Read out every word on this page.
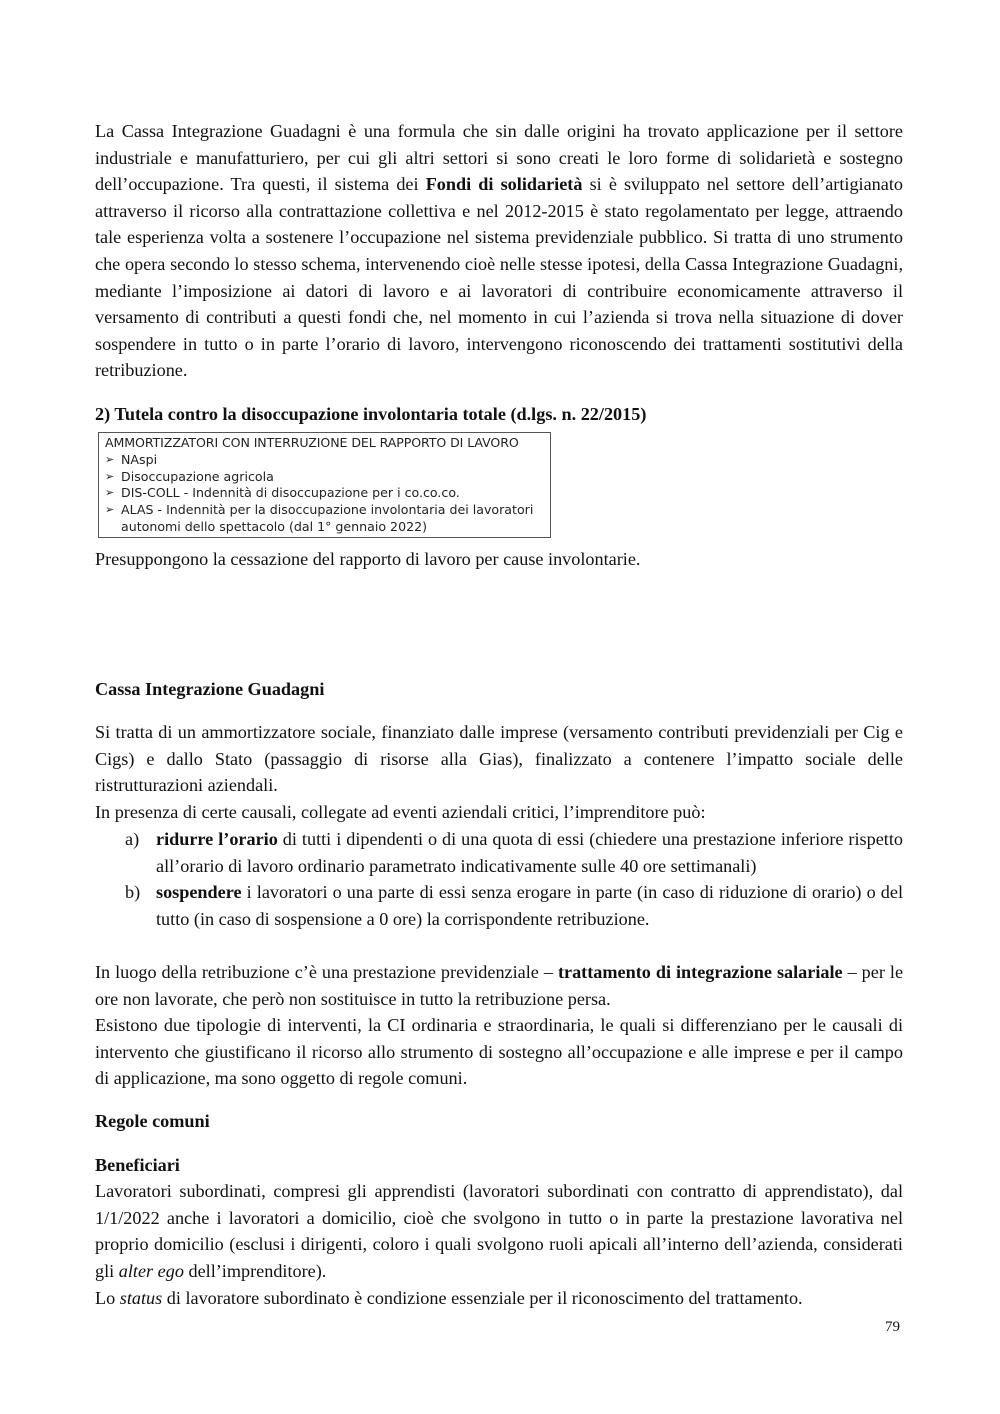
La Cassa Integrazione Guadagni è una formula che sin dalle origini ha trovato applicazione per il settore industriale e manufatturiero, per cui gli altri settori si sono creati le loro forme di solidarietà e sostegno dell’occupazione. Tra questi, il sistema dei Fondi di solidarietà si è sviluppato nel settore dell’artigianato attraverso il ricorso alla contrattazione collettiva e nel 2012-2015 è stato regolamentato per legge, attraendo tale esperienza volta a sostenere l’occupazione nel sistema previdenziale pubblico. Si tratta di uno strumento che opera secondo lo stesso schema, intervenendo cioè nelle stesse ipotesi, della Cassa Integrazione Guadagni, mediante l’imposizione ai datori di lavoro e ai lavoratori di contribuire economicamente attraverso il versamento di contributi a questi fondi che, nel momento in cui l’azienda si trova nella situazione di dover sospendere in tutto o in parte l’orario di lavoro, intervengono riconoscendo dei trattamenti sostitutivi della retribuzione.

2) Tutela contro la disoccupazione involontaria totale (d.lgs. n. 22/2015)

AMMORTIZZATORI CON INTERRUZIONE DEL RAPPORTO DI LAVORO

➢ NAspi
➢ Disoccupazione agricola
➢ DIS-COLL - Indennità di disoccupazione per i co.co.co.
➢ ALAS - Indennità per la disoccupazione involontaria dei lavoratori autonomi dello spettacolo (dal 1° gennaio 2022)

Presuppongono la cessazione del rapporto di lavoro per cause involontarie.

Cassa Integrazione Guadagni

Si tratta di un ammortizzatore sociale, finanziato dalle imprese (versamento contributi previdenziali per Cig e Cigs) e dallo Stato (passaggio di risorse alla Gias), finalizzato a contenere l’impatto sociale delle ristrutturazioni aziendali.

In presenza di certe causali, collegate ad eventi aziendali critici, l’imprenditore può:

a) ridurre l’orario di tutti i dipendenti o di una quota di essi (chiedere una prestazione inferiore rispetto all’orario di lavoro ordinario parametrato indicativamente sulle 40 ore settimanali)
b) sospendere i lavoratori o una parte di essi senza erogare in parte (in caso di riduzione di orario) o del tutto (in caso di sospensione a 0 ore) la corrispondente retribuzione.

In luogo della retribuzione c’è una prestazione previdenziale – trattamento di integrazione salariale – per le ore non lavorate, che però non sostituisce in tutto la retribuzione persa.

Esistono due tipologie di interventi, la CI ordinaria e straordinaria, le quali si differenziano per le causali di intervento che giustificano il ricorso allo strumento di sostegno all’occupazione e alle imprese e per il campo di applicazione, ma sono oggetto di regole comuni.

Regole comuni

Beneficiari

Lavoratori subordinati, compresi gli apprendisti (lavoratori subordinati con contratto di apprendistato), dal 1/1/2022 anche i lavoratori a domicilio, cioè che svolgono in tutto o in parte la prestazione lavorativa nel proprio domicilio (esclusi i dirigenti, coloro i quali svolgono ruoli apicali all’interno dell’azienda, considerati gli alter ego dell’imprenditore).

Lo status di lavoratore subordinato è condizione essenziale per il riconoscimento del trattamento.

79
